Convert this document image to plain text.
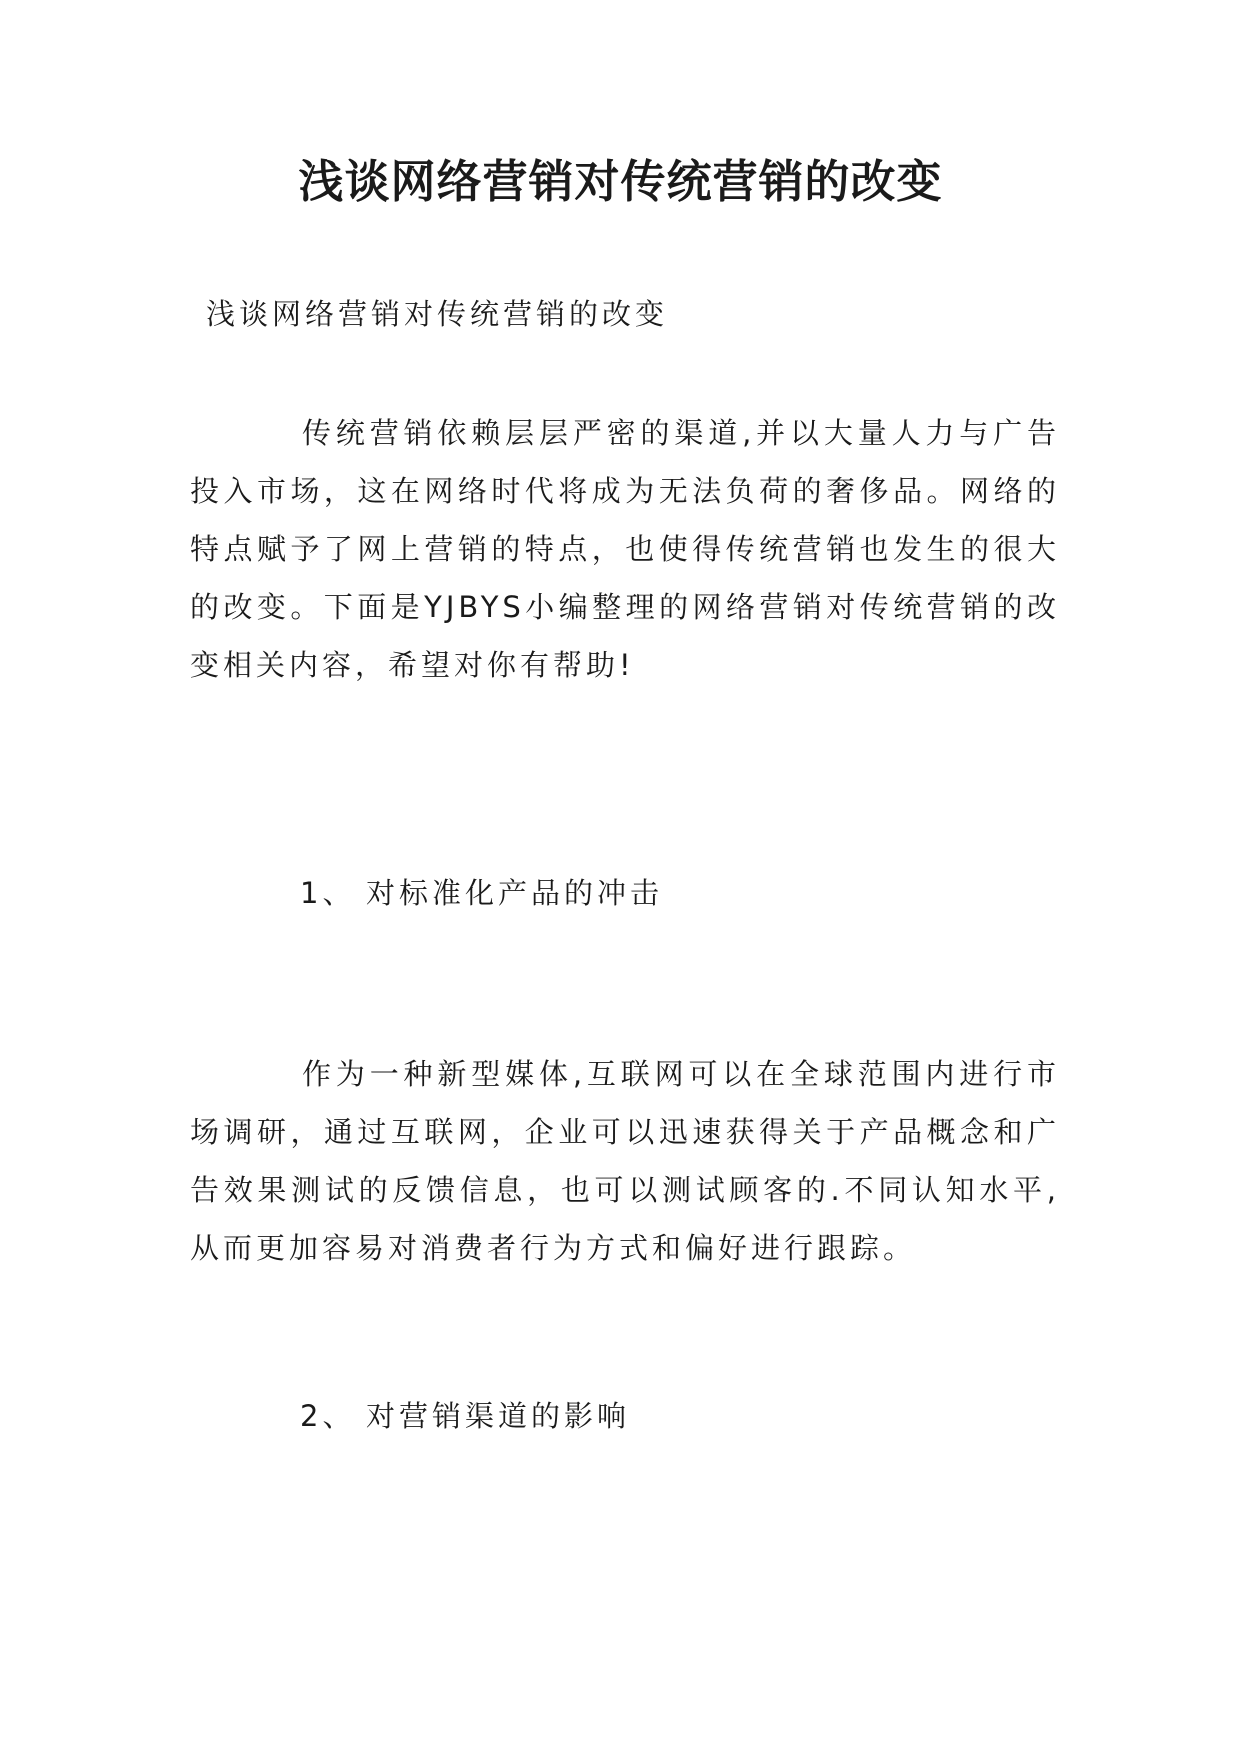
浅谈网络营销对传统营销的改变

浅谈网络营销对传统营销的改变

传统营销依赖层层严密的渠道,并以大量人力与广告投入市场，这在网络时代将成为无法负荷的奢侈品。网络的特点赋予了网上营销的特点，也使得传统营销也发生的很大的改变。下面是YJBYS小编整理的网络营销对传统营销的改变相关内容，希望对你有帮助!

1、 对标准化产品的冲击

作为一种新型媒体,互联网可以在全球范围内进行市场调研，通过互联网，企业可以迅速获得关于产品概念和广告效果测试的反馈信息，也可以测试顾客的.不同认知水平,从而更加容易对消费者行为方式和偏好进行跟踪。

2、 对营销渠道的影响
